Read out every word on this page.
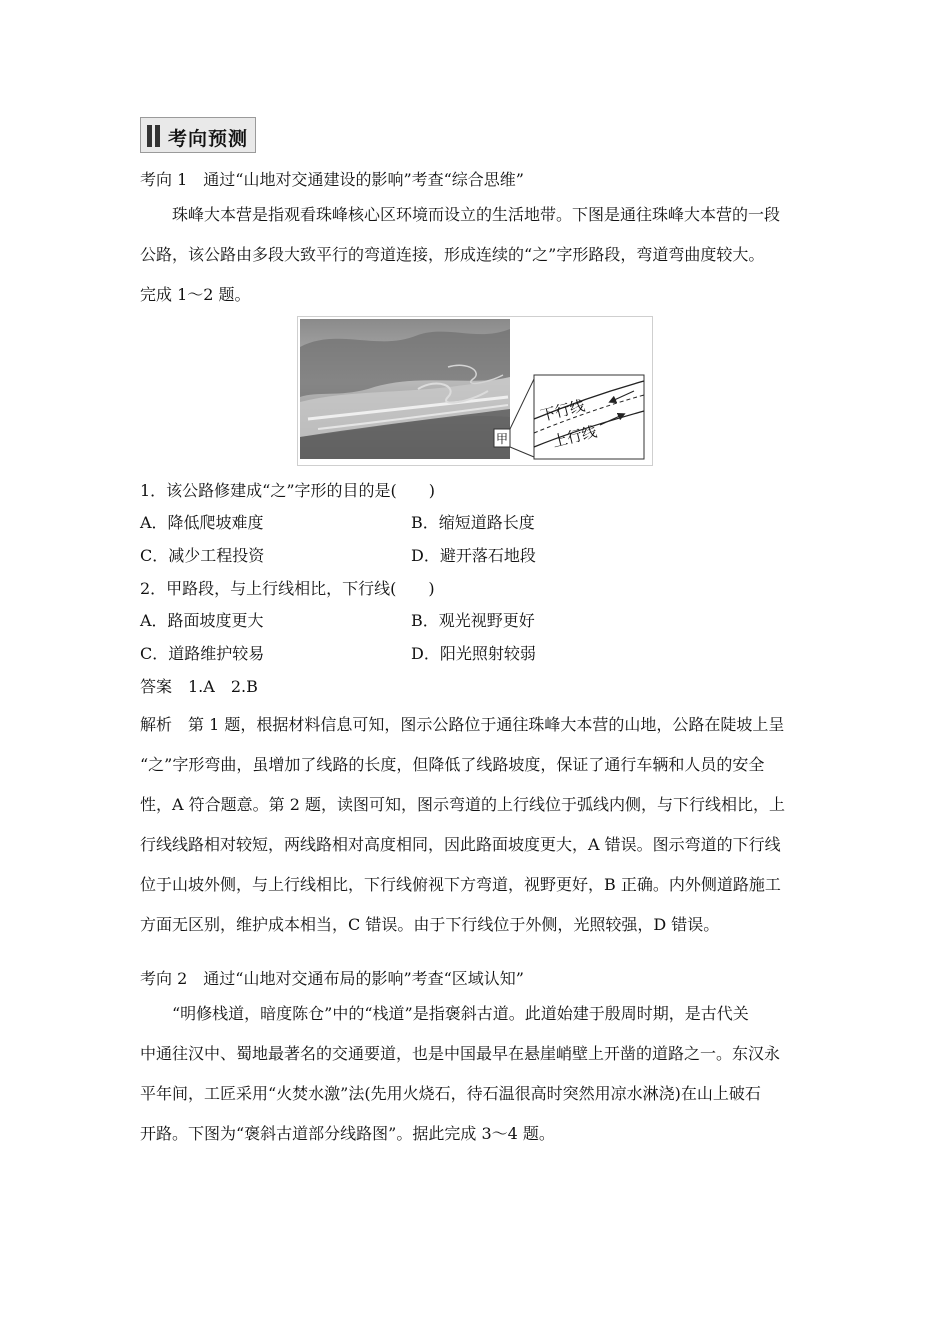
考向预测
考向 1　通过“山地对交通建设的影响”考查“综合思维”
珠峰大本营是指观看珠峰核心区环境而设立的生活地带。下图是通往珠峰大本营的一段
公路，该公路由多段大致平行的弯道连接，形成连续的“之”字形路段，弯道弯曲度较大。
完成 1～2 题。
甲
下行线
上行线
1．该公路修建成“之”字形的目的是(　　)
A．降低爬坡难度	B．缩短道路长度
C．减少工程投资	D．避开落石地段
2．甲路段，与上行线相比，下行线(　　)
A．路面坡度更大	B．观光视野更好
C．道路维护较易	D．阳光照射较弱
答案　1.A　2.B
解析　第 1 题，根据材料信息可知，图示公路位于通往珠峰大本营的山地，公路在陡坡上呈
“之”字形弯曲，虽增加了线路的长度，但降低了线路坡度，保证了通行车辆和人员的安全
性，A 符合题意。第 2 题，读图可知，图示弯道的上行线位于弧线内侧，与下行线相比，上
行线线路相对较短，两线路相对高度相同，因此路面坡度更大，A 错误。图示弯道的下行线
位于山坡外侧，与上行线相比，下行线俯视下方弯道，视野更好，B 正确。内外侧道路施工
方面无区别，维护成本相当，C 错误。由于下行线位于外侧，光照较强，D 错误。
考向 2　通过“山地对交通布局的影响”考查“区域认知”
“明修栈道，暗度陈仓”中的“栈道”是指褒斜古道。此道始建于殷周时期，是古代关
中通往汉中、蜀地最著名的交通要道，也是中国最早在悬崖峭壁上开凿的道路之一。东汉永
平年间，工匠采用“火焚水激”法(先用火烧石，待石温很高时突然用凉水淋浇)在山上破石
开路。下图为“褒斜古道部分线路图”。据此完成 3～4 题。
